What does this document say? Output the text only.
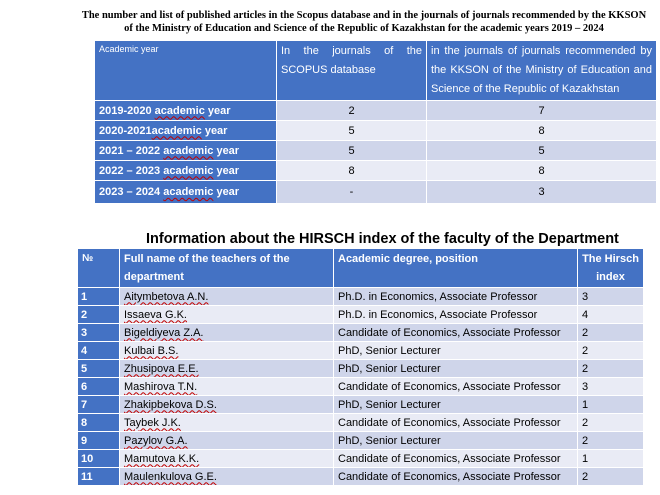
The number and list of published articles in the Scopus database and in the journals of journals recommended by the KKSON of the Ministry of Education and Science of the Republic of Kazakhstan for the academic years 2019 – 2024
Academic year	In the journals of the SCOPUS database	in the journals of journals recommended by the KKSON of the Ministry of Education and Science of the Republic of Kazakhstan
2019-2020 academic year	2	7
2020-2021academic year	5	8
2021 – 2022 academic year	5	5
2022 – 2023 academic year	8	8
2023 – 2024 academic year	-	3
Information about the HIRSCH index of the faculty of the Department
№	Full name of the teachers of the department	Academic degree, position	The Hirsch index
1	Aitymbetova A.N.	Ph.D. in Economics, Associate Professor	3
2	Issaeva G.K.	Ph.D. in Economics, Associate Professor	4
3	Bigeldiyeva Z.A.	Candidate of Economics, Associate Professor	2
4	Kulbai B.S.	PhD, Senior Lecturer	2
5	Zhusipova E.E.	PhD, Senior Lecturer	2
6	Mashirova T.N.	Candidate of Economics, Associate Professor	3
7	Zhakipbekova D.S.	PhD, Senior Lecturer	1
8	Taybek J.K.	Candidate of Economics, Associate Professor	2
9	Pazylov G.A.	PhD, Senior Lecturer	2
10	Mamutova K.K.	Candidate of Economics, Associate Professor	1
11	Maulenkulova G.E.	Candidate of Economics, Associate Professor	2
